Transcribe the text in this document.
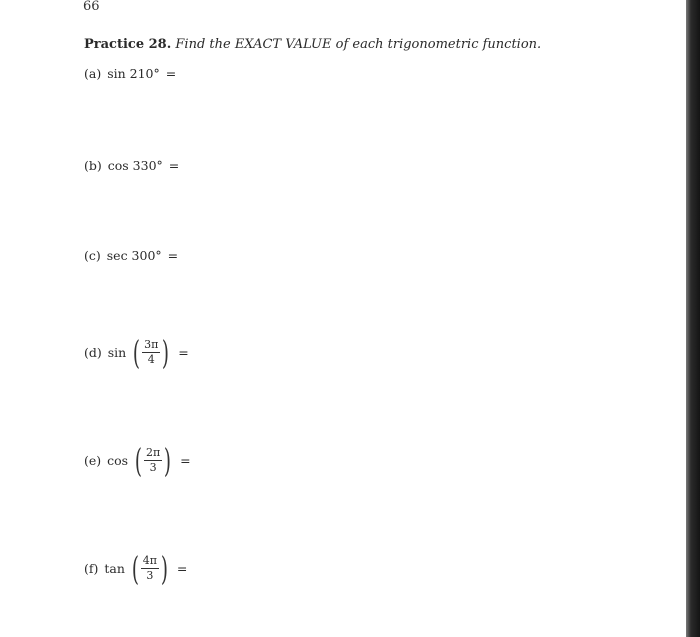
66
Practice 28. Find the EXACT VALUE of each trigonometric function.
(a) sin 210° =
(b) cos 330° =
(c) sec 300° =
(d) sin ( $\frac{3\pi}{4}$ ) =
(e) cos ( $\frac{2\pi}{3}$ ) =
(f) tan ( $\frac{4\pi}{3}$ ) =
